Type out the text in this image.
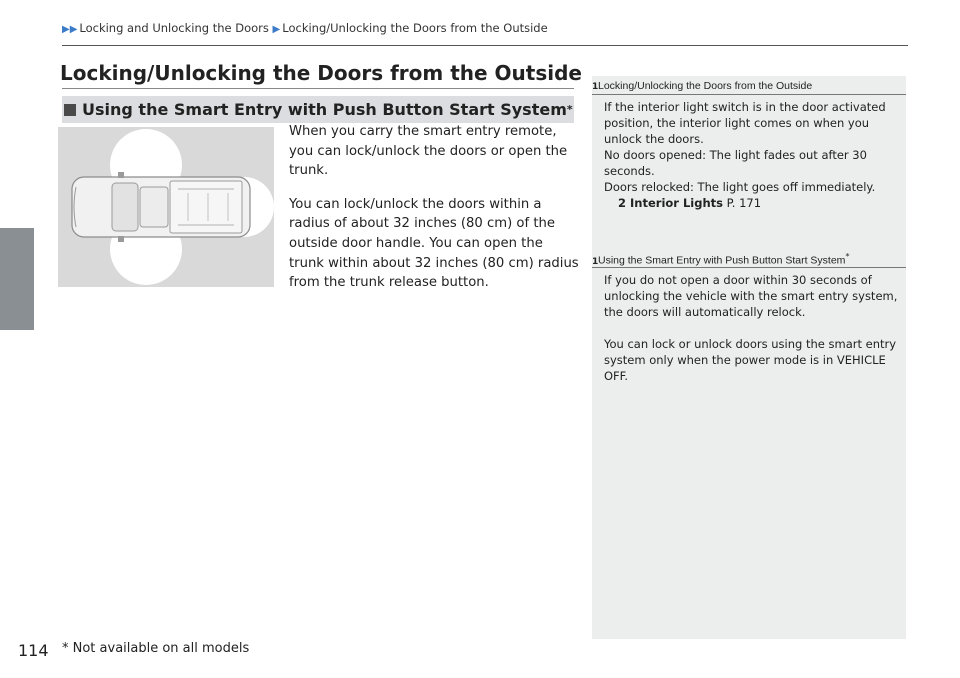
▶▶ Locking and Unlocking the Doors ▶ Locking/Unlocking the Doors from the Outside
Locking/Unlocking the Doors from the Outside
Using the Smart Entry with Push Button Start System *

When you carry the smart entry remote, you can lock/unlock the doors or open the trunk.

You can lock/unlock the doors within a radius of about 32 inches (80 cm) of the outside door handle. You can open the trunk within about 32 inches (80 cm) radius from the trunk release button.

1Locking/Unlocking the Doors from the Outside

If the interior light switch is in the door activated position, the interior light comes on when you unlock the doors.

No doors opened: The light fades out after 30 seconds.

Doors relocked: The light goes off immediately.

2 Interior Lights P. 171

1Using the Smart Entry with Push Button Start System*

If you do not open a door within 30 seconds of unlocking the vehicle with the smart entry system, the doors will automatically relock.

You can lock or unlock doors using the smart entry system only when the power mode is in VEHICLE OFF.

114 * Not available on all models
